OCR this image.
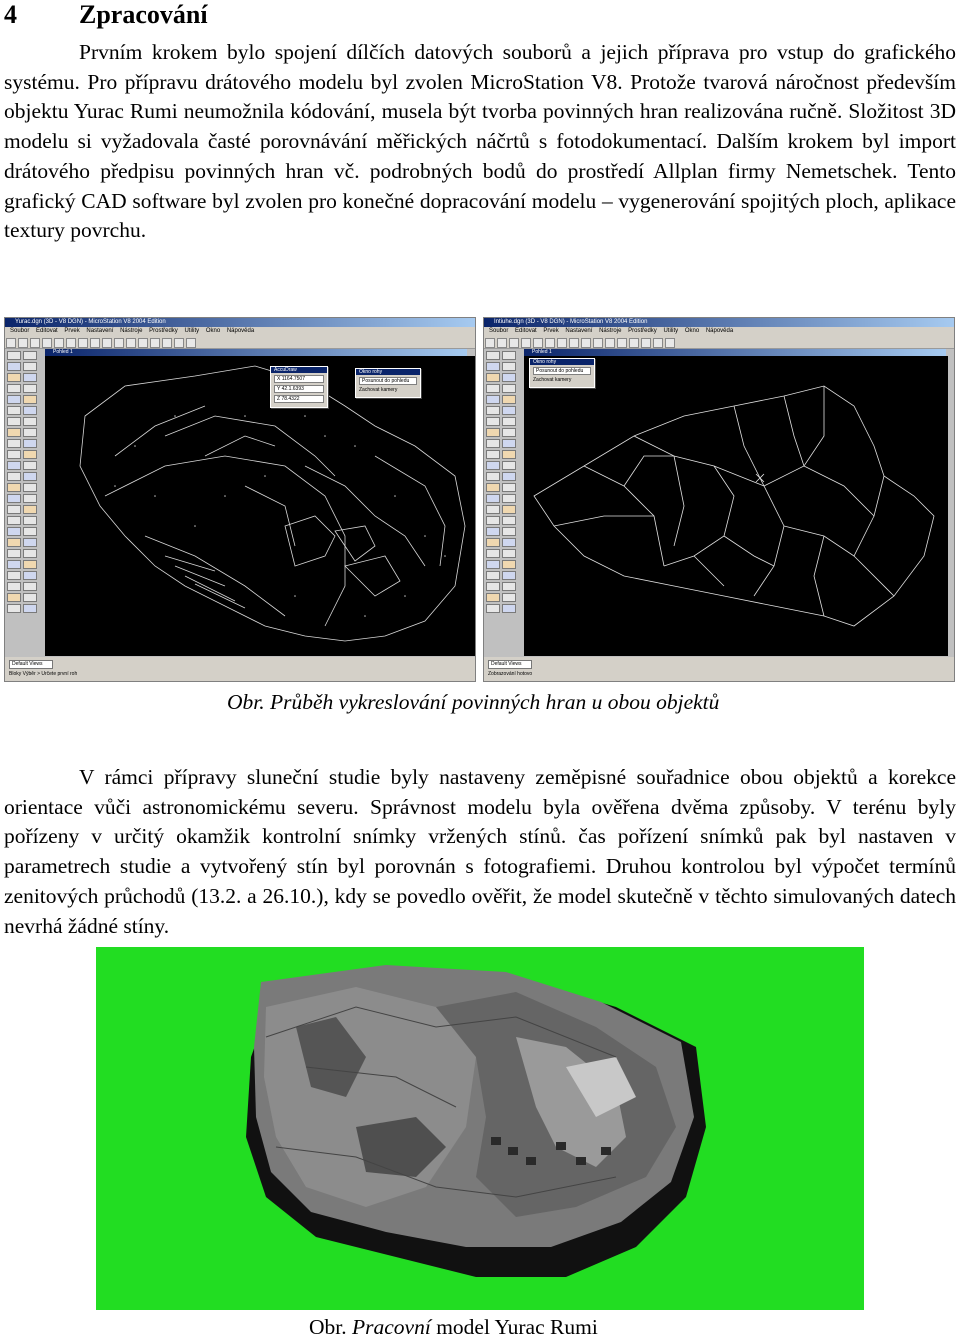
4 Zpracování

Prvním krokem bylo spojení dílčích datových souborů a jejich příprava pro vstup do grafického systému. Pro přípravu drátového modelu byl zvolen MicroStation V8. Protože tvarová náročnost především objektu Yurac Rumi neumožnila kódování, musela být tvorba povinných hran realizována ručně. Složitost 3D modelu si vyžadovala časté porovnávání měřických náčrtů s fotodokumentací. Dalším krokem byl import drátového předpisu povinných hran vč. podrobných bodů do prostředí Allplan firmy Nemetschek. Tento grafický CAD software byl zvolen pro konečné dopracování modelu – vygenerování spojitých ploch, aplikace textury povrchu.

Yurac.dgn (3D - V8 DGN) - MicroStation V8 2004 Edition
Soubor Editovat Prvek Nastavení Nástroje Prostředky Utility Okno Nápověda
AccuDraw
X 1164.7507
Y 42.1.6393
Z 78.4322
Okno rohy
Posunout do pohledu
Zachovat kamery
Pohled 1
Default Views
Bloky Výběr > Určete první roh
Intiuhe.dgn (3D - V8 DGN) - MicroStation V8 2004 Edition
Soubor Editovat Prvek Nastavení Nástroje Prostředky Utility Okno Nápověda
Okno rohy
Posunout do pohledu
Zachovat kamery
Pohled 1
Default Views
Zobrazování hotovo
Obr. Průběh vykreslování povinných hran u obou objektů

V rámci přípravy sluneční studie byly nastaveny zeměpisné souřadnice obou objektů a korekce orientace vůči astronomickému severu. Správnost modelu byla ověřena dvěma způsoby. V terénu byly pořízeny v určitý okamžik kontrolní snímky vržených stínů. čas pořízení snímků pak byl nastaven v parametrech studie a vytvořený stín byl porovnán s fotografiemi. Druhou kontrolou byl výpočet termínů zenitových průchodů (13.2. a 26.10.), kdy se povedlo ověřit, že model skutečně v těchto simulovaných datech nevrhá žádné stíny.

Obr. Pracovní model Yurac Rumi
